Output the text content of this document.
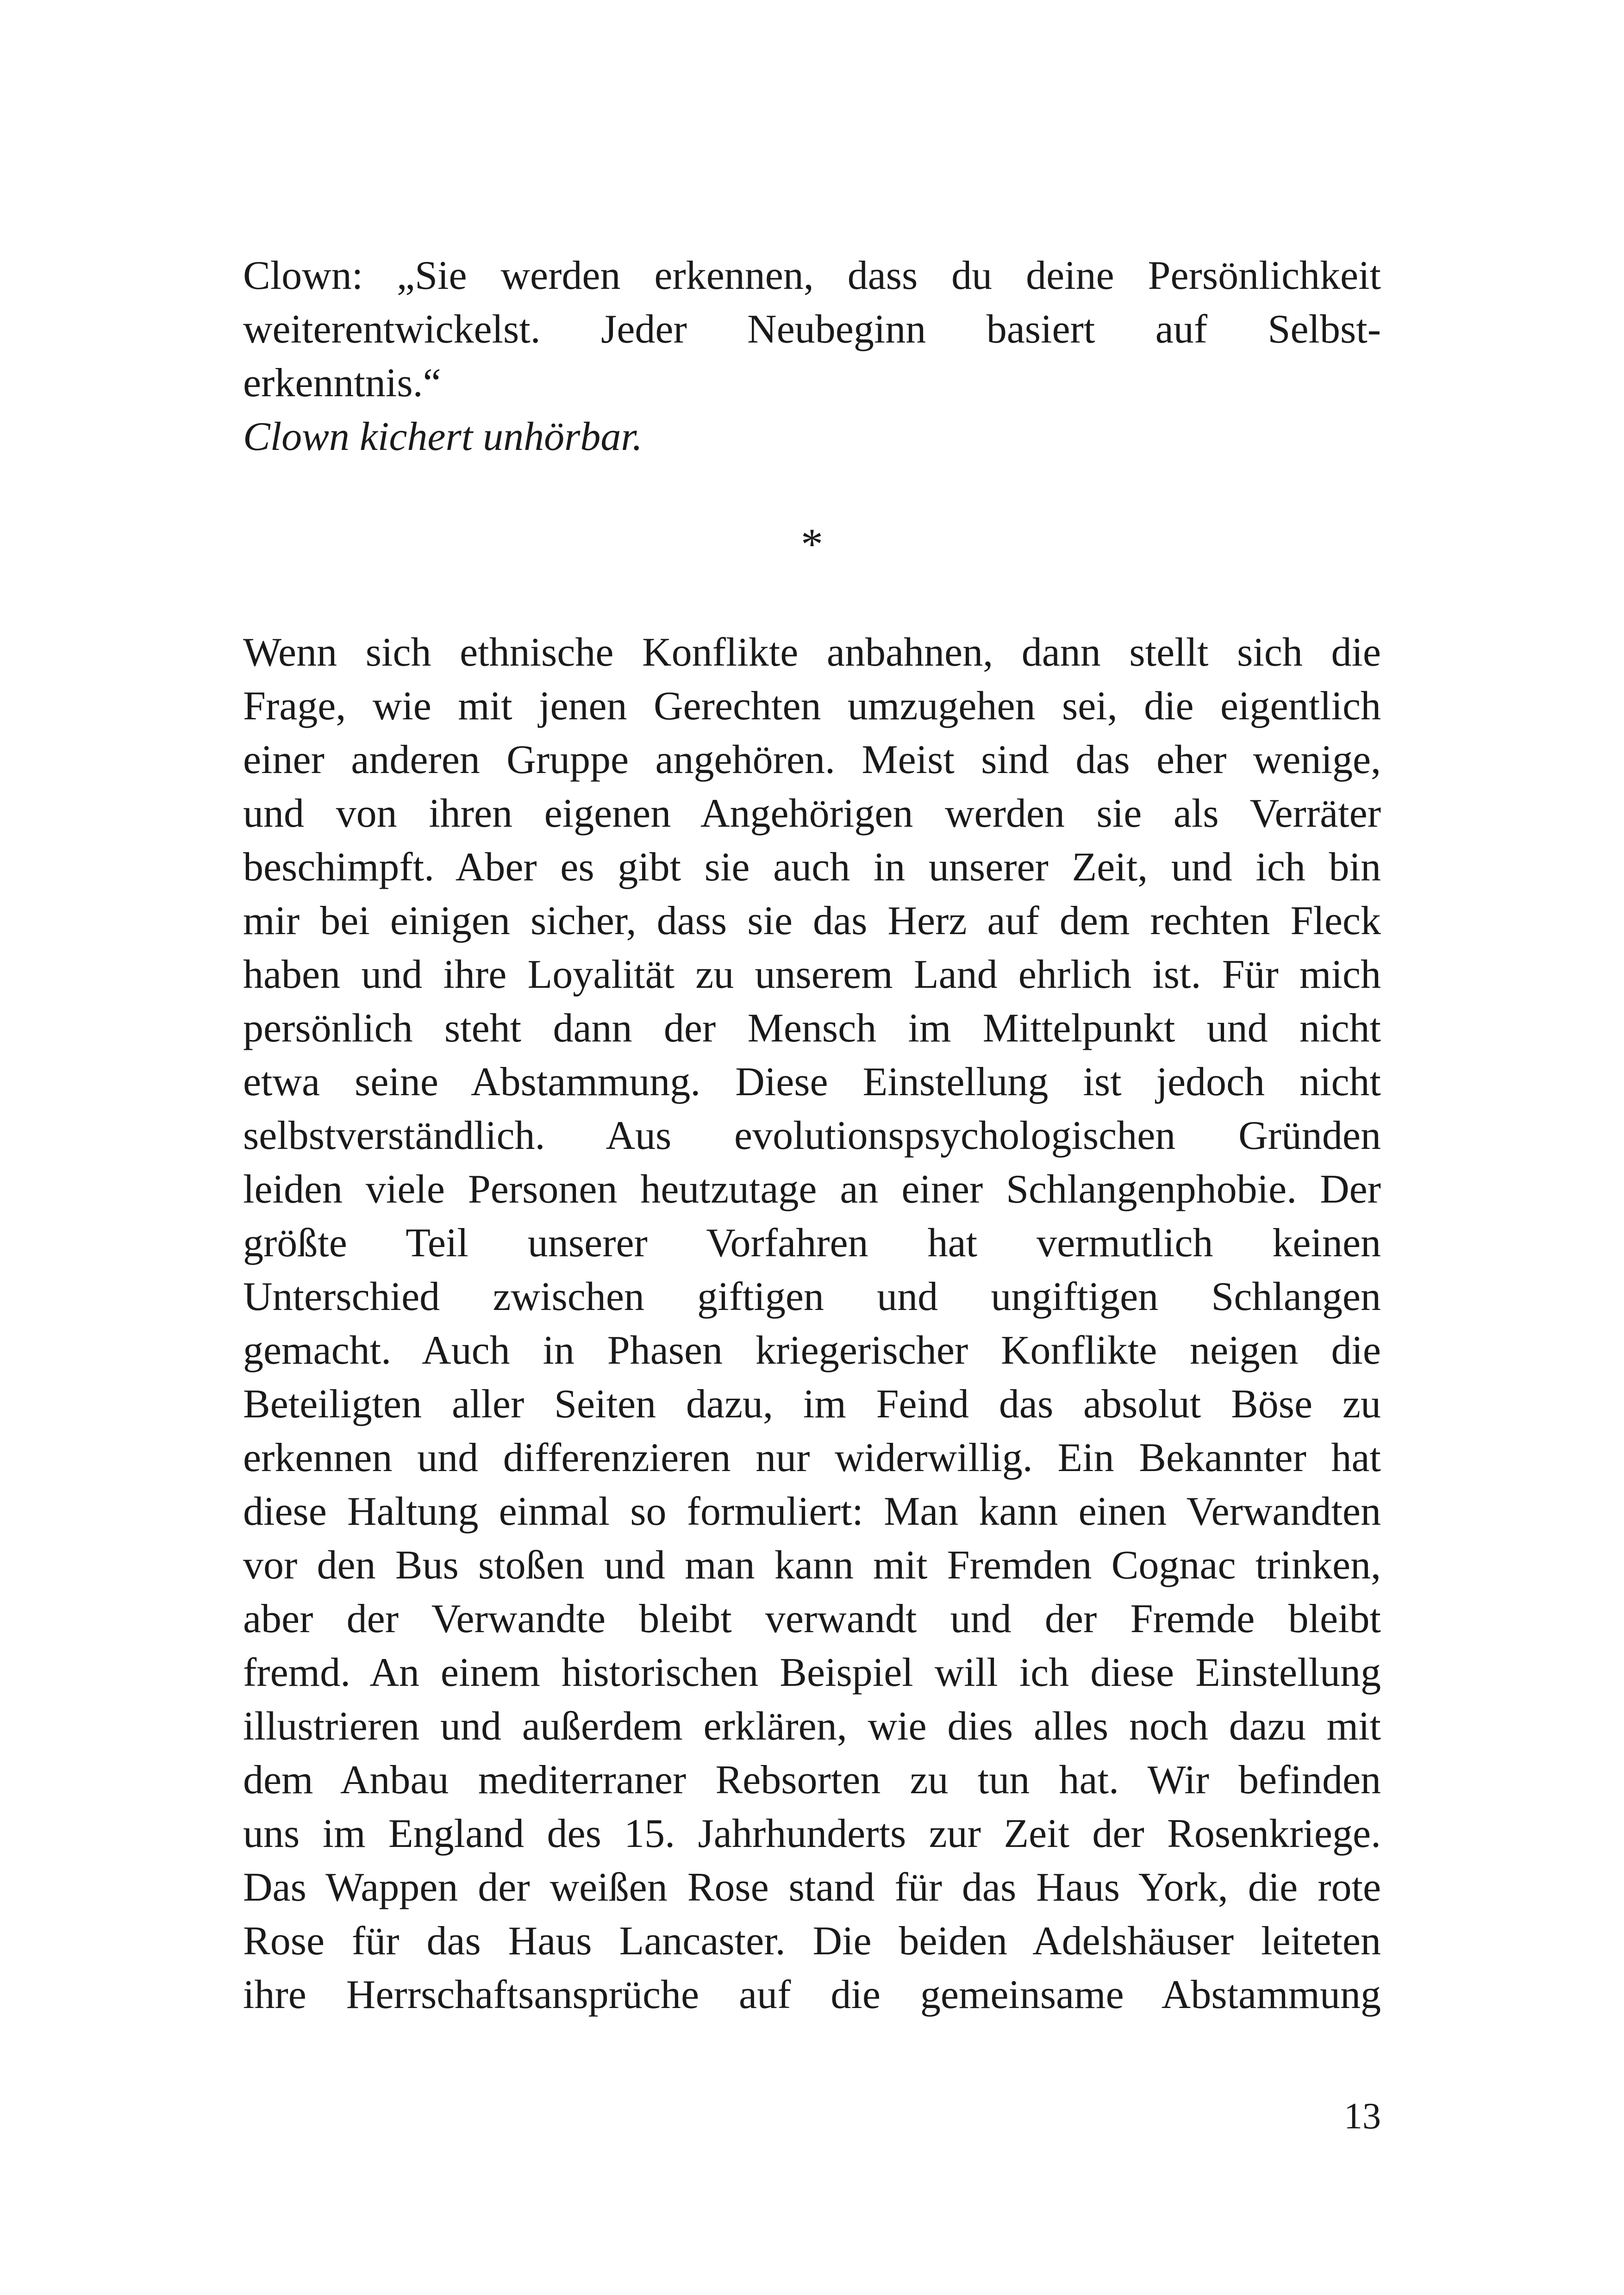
Clown: „Sie werden erkennen, dass du deine Persönlichkeit
weiterentwickelst. Jeder Neubeginn basiert auf Selbst-
erkenntnis.“
Clown kichert unhörbar.
*
Wenn sich ethnische Konflikte anbahnen, dann stellt sich die
Frage, wie mit jenen Gerechten umzugehen sei, die eigentlich
einer anderen Gruppe angehören. Meist sind das eher wenige,
und von ihren eigenen Angehörigen werden sie als Verräter
beschimpft. Aber es gibt sie auch in unserer Zeit, und ich bin
mir bei einigen sicher, dass sie das Herz auf dem rechten Fleck
haben und ihre Loyalität zu unserem Land ehrlich ist. Für mich
persönlich steht dann der Mensch im Mittelpunkt und nicht
etwa seine Abstammung. Diese Einstellung ist jedoch nicht
selbstverständlich. Aus evolutionspsychologischen Gründen
leiden viele Personen heutzutage an einer Schlangenphobie. Der
größte Teil unserer Vorfahren hat vermutlich keinen
Unterschied zwischen giftigen und ungiftigen Schlangen
gemacht. Auch in Phasen kriegerischer Konflikte neigen die
Beteiligten aller Seiten dazu, im Feind das absolut Böse zu
erkennen und differenzieren nur widerwillig. Ein Bekannter hat
diese Haltung einmal so formuliert: Man kann einen Verwandten
vor den Bus stoßen und man kann mit Fremden Cognac trinken,
aber der Verwandte bleibt verwandt und der Fremde bleibt
fremd. An einem historischen Beispiel will ich diese Einstellung
illustrieren und außerdem erklären, wie dies alles noch dazu mit
dem Anbau mediterraner Rebsorten zu tun hat. Wir befinden
uns im England des 15. Jahrhunderts zur Zeit der Rosenkriege.
Das Wappen der weißen Rose stand für das Haus York, die rote
Rose für das Haus Lancaster. Die beiden Adelshäuser leiteten
ihre Herrschaftsansprüche auf die gemeinsame Abstammung
13
